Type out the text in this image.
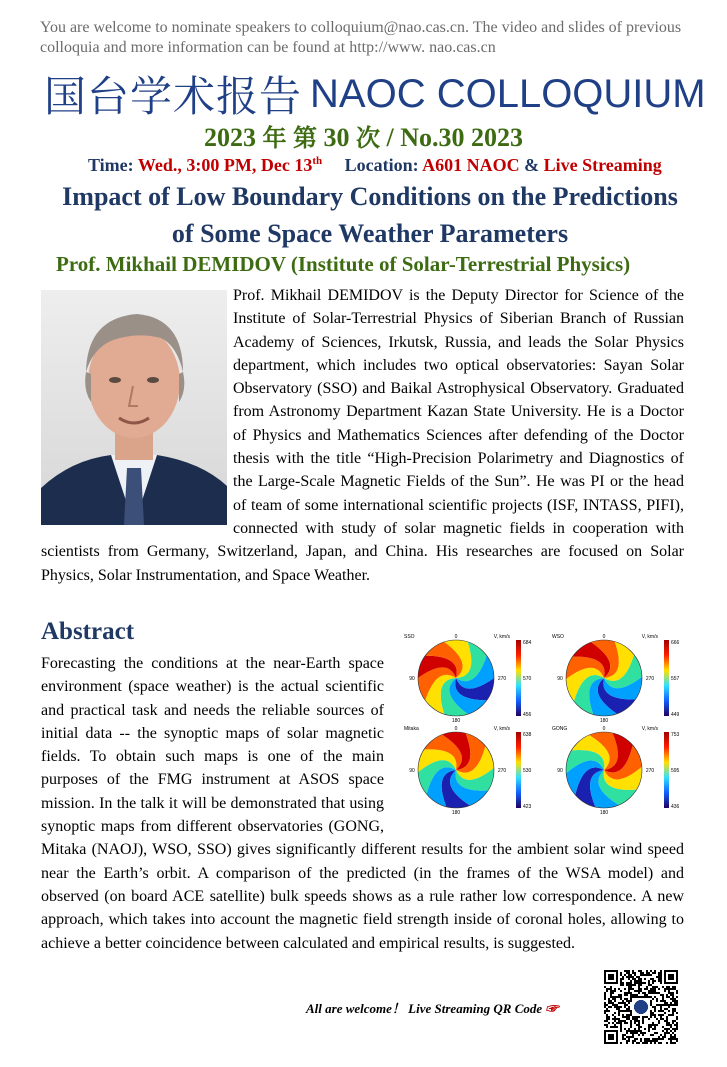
You are welcome to nominate speakers to colloquium@nao.cas.cn. The video and slides of previous colloquia and more information can be found at http://www. nao.cas.cn
国台学术报告 NAOC COLLOQUIUM
2023 年 第 30 次 / No.30 2023
Time: Wed., 3:00 PM, Dec 13th Location: A601 NAOC & Live Streaming
Impact of Low Boundary Conditions on the Predictions
of Some Space Weather Parameters
Prof. Mikhail DEMIDOV (Institute of Solar-Terrestrial Physics)
Prof. Mikhail DEMIDOV is the Deputy Director for Science of the Institute of Solar-Terrestrial Physics of Siberian Branch of Russian Academy of Sciences, Irkutsk, Russia, and leads the Solar Physics department, which includes two optical observatories: Sayan Solar Observatory (SSO) and Baikal Astrophysical Observatory. Graduated from Astronomy Department Kazan State University. He is a Doctor of Physics and Mathematics Sciences after defending of the Doctor thesis with the title “High-Precision Polarimetry and Diagnostics of the Large-Scale Magnetic Fields of the Sun”. He was PI or the head of team of some international scientific projects (ISF, INTASS, PIFI), connected with study of solar magnetic fields in cooperation with scientists from Germany, Switzerland, Japan, and China. His researches are focused on Solar Physics, Solar Instrumentation, and Space Weather.
Abstract
Forecasting the conditions at the near-Earth space environment (space weather) is the actual scientific and practical task and needs the reliable sources of initial data -- the synoptic maps of solar magnetic fields. To obtain such maps is one of the main purposes of the FMG instrument at ASOS space mission. In the talk it will be demonstrated that using synoptic maps from different observatories (GONG, Mitaka (NAOJ), WSO, SSO) gives significantly different results for the ambient solar wind speed near the Earth’s orbit. A comparison of the predicted (in the frames of the WSA model) and observed (on board ACE satellite) bulk speeds shows as a rule rather low correspondence. A new approach, which takes into account the magnetic field strength inside of coronal holes, allowing to achieve a better coincidence between calculated and empirical results, is suggested.
SSO	V, km/s
0
180
90	270
684
570
456
WSO	V, km/s
0
180
90	270
666
557
449
Mitaka	V, km/s
0
180
90	270
638
530
423
GONG	V, km/s
0
180
90	270
753
595
436
All are welcome！ Live Streaming QR Code ☞
